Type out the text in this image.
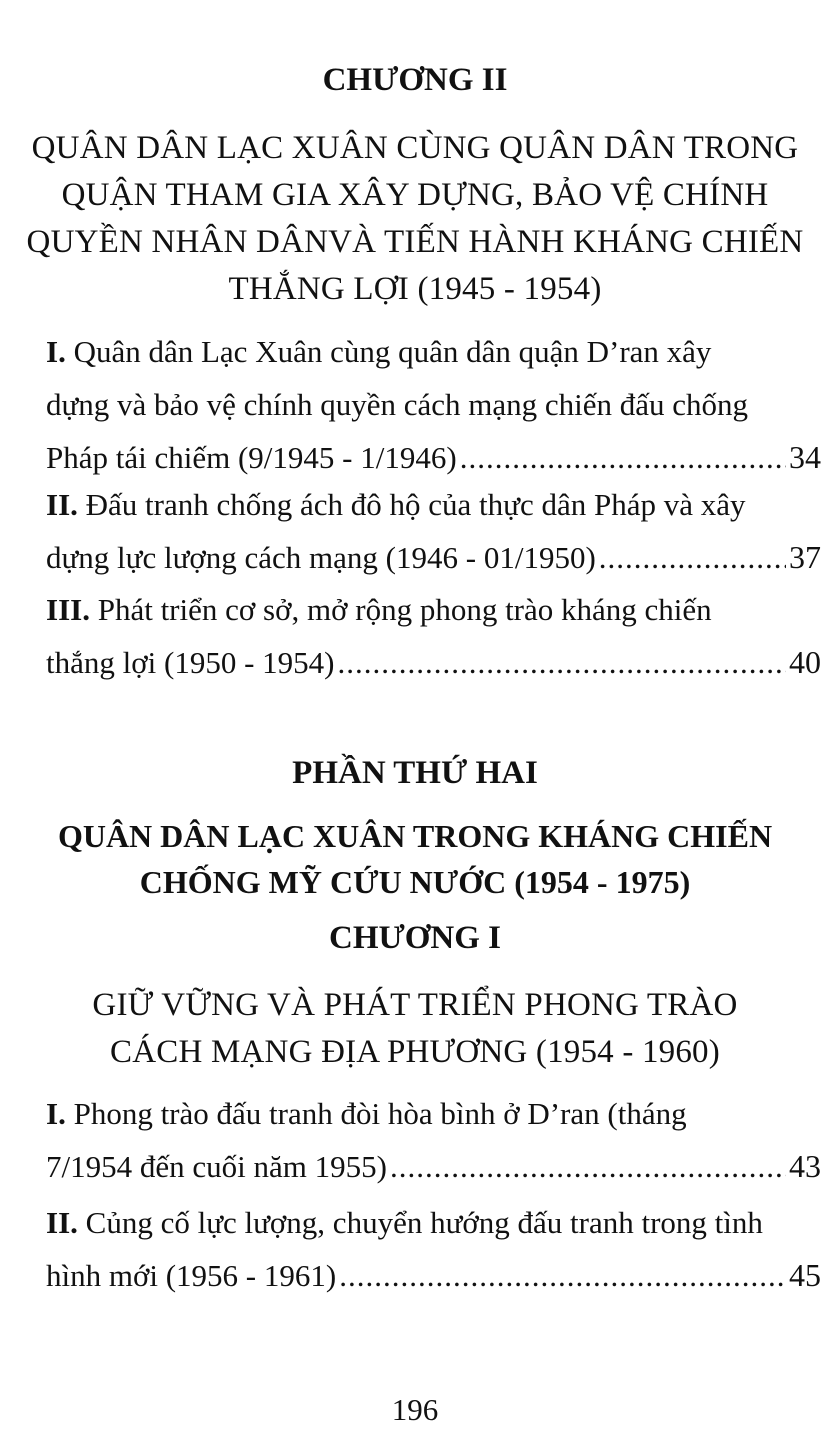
CHƯƠNG II
QUÂN DÂN LẠC XUÂN CÙNG QUÂN DÂN TRONG
QUẬN THAM GIA XÂY DỰNG, BẢO VỆ CHÍNH
QUYỀN NHÂN DÂNVÀ TIẾN HÀNH KHÁNG CHIẾN
THẮNG LỢI (1945 - 1954)
I. Quân dân Lạc Xuân cùng quân dân quận D’ran xây
dựng và bảo vệ chính quyền cách mạng chiến đấu chống
Pháp tái chiếm (9/1945 - 1/1946) .....	34
II. Đấu tranh chống ách đô hộ của thực dân Pháp và xây
dựng lực lượng cách mạng (1946 - 01/1950) .....	37
III. Phát triển cơ sở, mở rộng phong trào kháng chiến
thắng lợi (1950 - 1954) .....	40
PHẦN THỨ HAI
QUÂN DÂN LẠC XUÂN TRONG KHÁNG CHIẾN
CHỐNG MỸ CỨU NƯỚC (1954 - 1975)
CHƯƠNG I
GIỮ VỮNG VÀ PHÁT TRIỂN PHONG TRÀO
CÁCH MẠNG ĐỊA PHƯƠNG (1954 - 1960)
I. Phong trào đấu tranh đòi hòa bình ở D’ran (tháng
7/1954 đến cuối năm 1955) .....	43
II. Củng cố lực lượng, chuyển hướng đấu tranh trong tình
hình mới (1956 - 1961) .....	45
196
